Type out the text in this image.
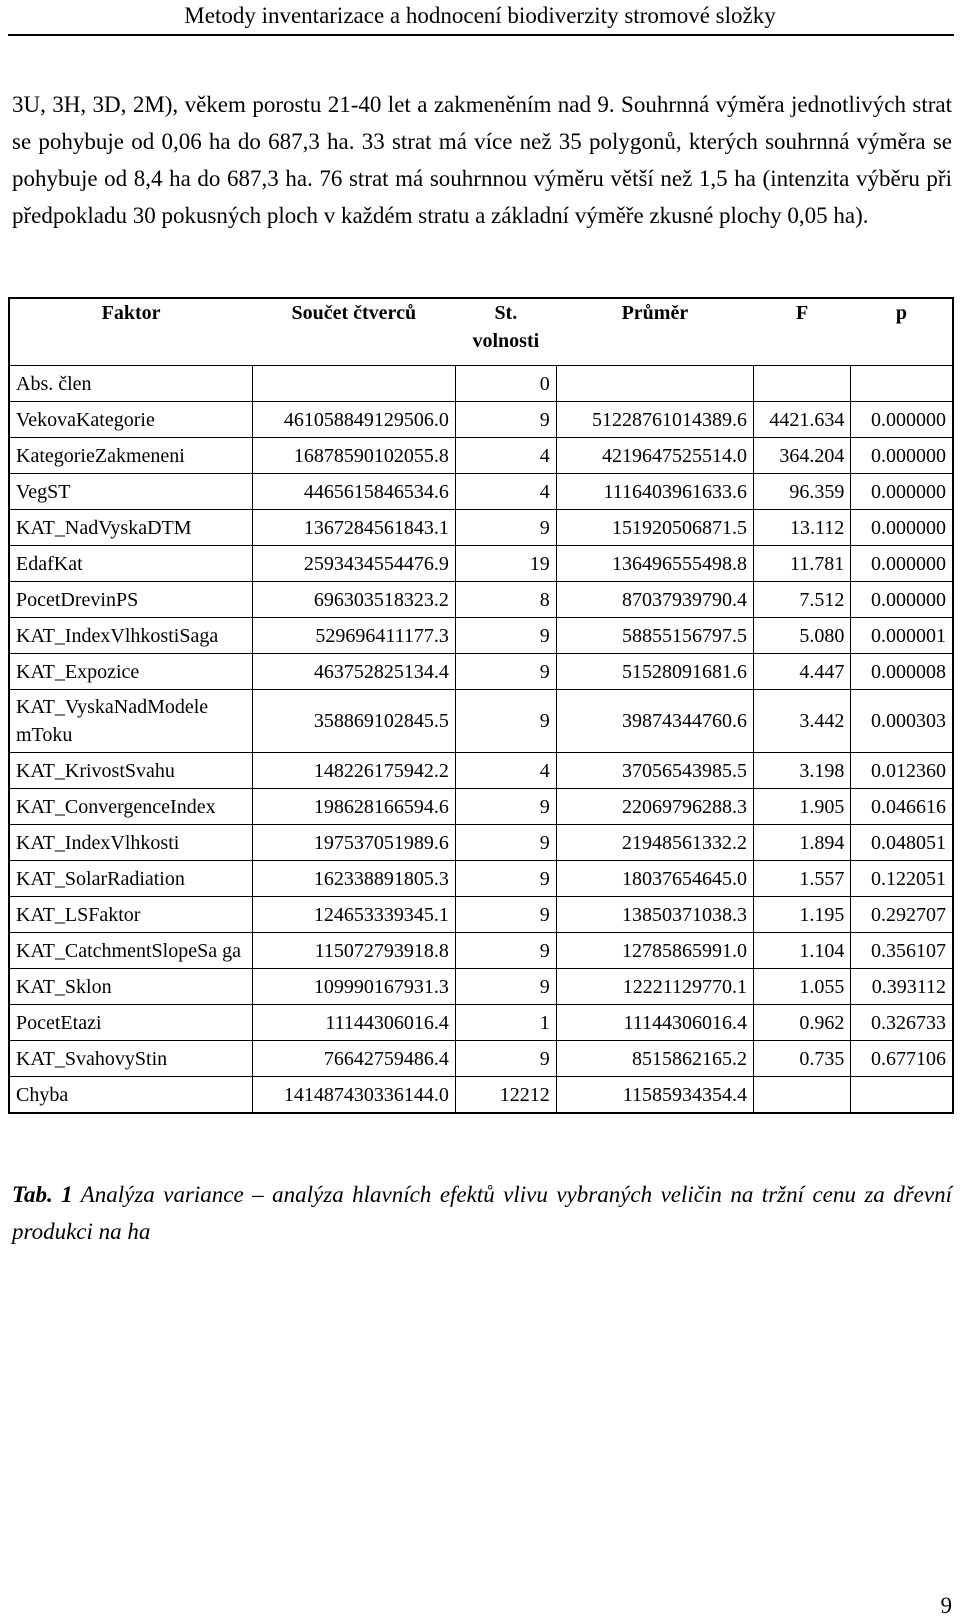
Metody inventarizace a hodnocení biodiverzity stromové složky
3U, 3H, 3D, 2M), věkem porostu 21-40 let a zakmeněním nad 9. Souhrnná výměra jednotlivých strat se pohybuje od 0,06 ha do 687,3 ha. 33 strat má více než 35 polygonů, kterých souhrnná výměra se pohybuje od 8,4 ha do 687,3 ha. 76 strat má souhrnnou výměru větší než 1,5 ha (intenzita výběru při předpokladu 30 pokusných ploch v každém stratu a základní výměře zkusné plochy 0,05 ha).
Faktor	Součet čtverců	St.
volnosti	Průměr	F	p
Abs. člen		0			
VekovaKategorie	461058849129506.0	9	51228761014389.6	4421.634	0.000000
KategorieZakmeneni	16878590102055.8	4	4219647525514.0	364.204	0.000000
VegST	4465615846534.6	4	1116403961633.6	96.359	0.000000
KAT_NadVyskaDTM	1367284561843.1	9	151920506871.5	13.112	0.000000
EdafKat	2593434554476.9	19	136496555498.8	11.781	0.000000
PocetDrevinPS	696303518323.2	8	87037939790.4	7.512	0.000000
KAT_IndexVlhkostiSaga	529696411177.3	9	58855156797.5	5.080	0.000001
KAT_Expozice	463752825134.4	9	51528091681.6	4.447	0.000008
KAT_VyskaNadModele mToku	358869102845.5	9	39874344760.6	3.442	0.000303
KAT_KrivostSvahu	148226175942.2	4	37056543985.5	3.198	0.012360
KAT_ConvergenceIndex	198628166594.6	9	22069796288.3	1.905	0.046616
KAT_IndexVlhkosti	197537051989.6	9	21948561332.2	1.894	0.048051
KAT_SolarRadiation	162338891805.3	9	18037654645.0	1.557	0.122051
KAT_LSFaktor	124653339345.1	9	13850371038.3	1.195	0.292707
KAT_CatchmentSlopeSa ga	115072793918.8	9	12785865991.0	1.104	0.356107
KAT_Sklon	109990167931.3	9	12221129770.1	1.055	0.393112
PocetEtazi	11144306016.4	1	11144306016.4	0.962	0.326733
KAT_SvahovyStin	76642759486.4	9	8515862165.2	0.735	0.677106
Chyba	141487430336144.0	12212	11585934354.4		
Tab. 1 Analýza variance – analýza hlavních efektů vlivu vybraných veličin na tržní cenu za dřevní produkci na ha
9
